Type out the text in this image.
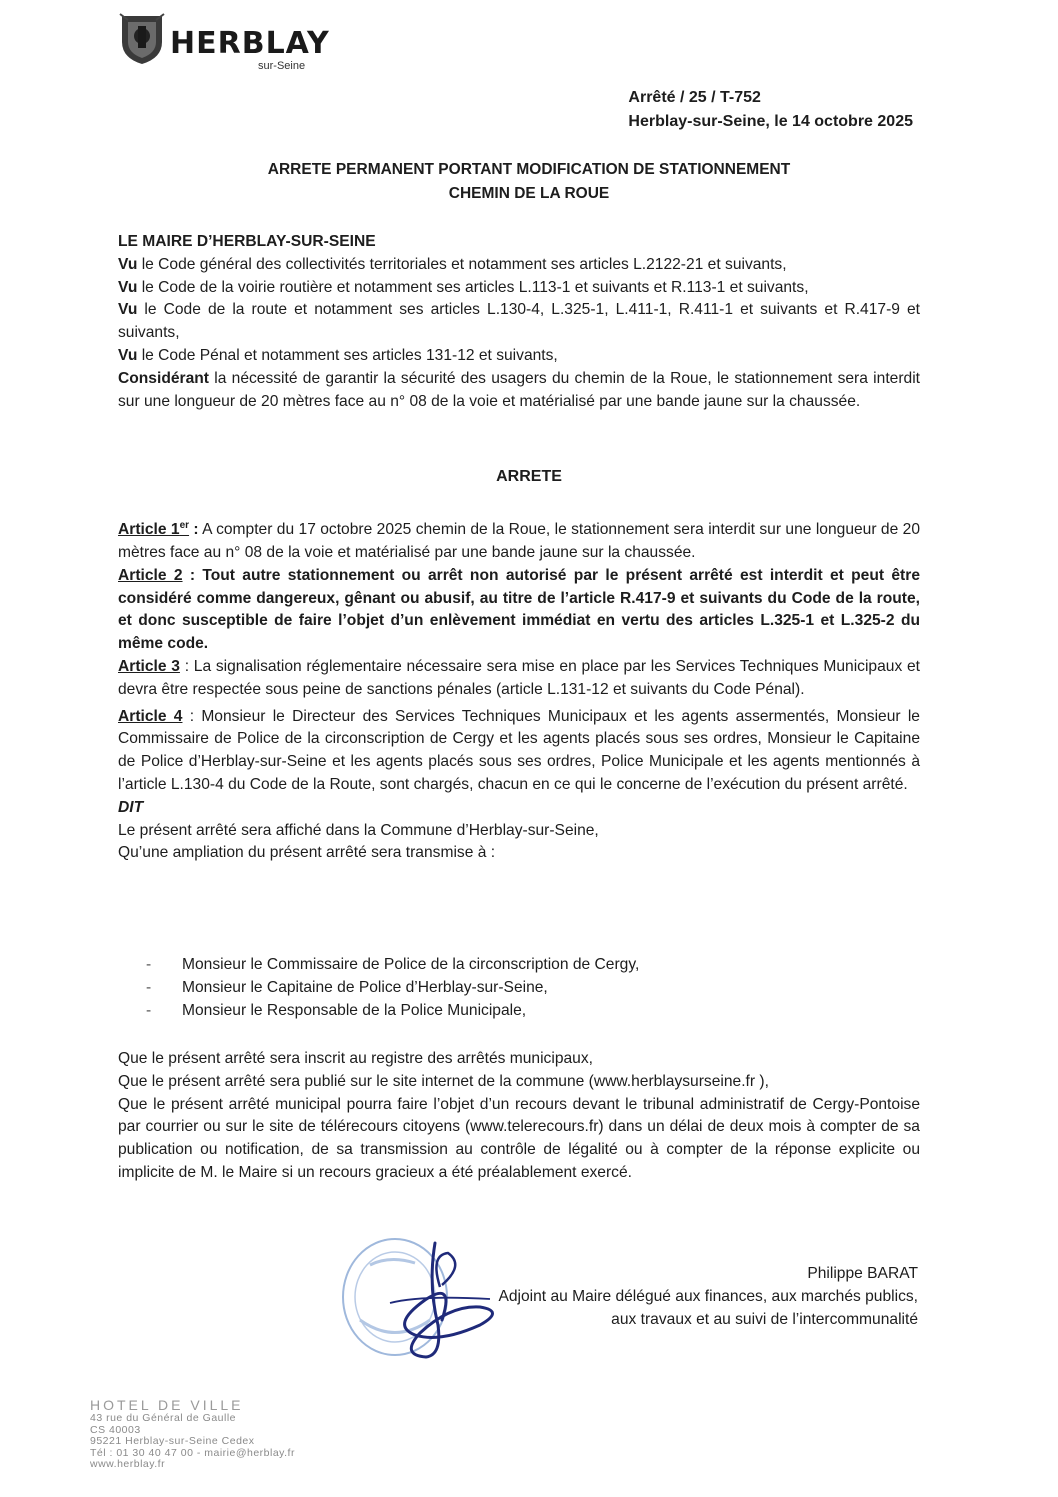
HERBLAY
sur-Seine
Arrêté / 25 / T-752
Herblay-sur-Seine, le 14 octobre 2025
ARRETE PERMANENT PORTANT MODIFICATION DE STATIONNEMENT
CHEMIN DE LA ROUE

LE MAIRE D’HERBLAY-SUR-SEINE

Vu le Code général des collectivités territoriales et notamment ses articles L.2122-21 et suivants,

Vu le Code de la voirie routière et notamment ses articles L.113-1 et suivants et R.113-1 et suivants,

Vu le Code de la route et notamment ses articles L.130-4, L.325-1, L.411-1, R.411-1 et suivants et R.417-9 et suivants,

Vu le Code Pénal et notamment ses articles 131-12 et suivants,

Considérant la nécessité de garantir la sécurité des usagers du chemin de la Roue, le stationnement sera interdit sur une longueur de 20 mètres face au n° 08 de la voie et matérialisé par une bande jaune sur la chaussée.

ARRETE

Article 1er : A compter du 17 octobre 2025 chemin de la Roue, le stationnement sera interdit sur une longueur de 20 mètres face au n° 08 de la voie et matérialisé par une bande jaune sur la chaussée.

Article 2 : Tout autre stationnement ou arrêt non autorisé par le présent arrêté est interdit et peut être considéré comme dangereux, gênant ou abusif, au titre de l’article R.417-9 et suivants du Code de la route, et donc susceptible de faire l’objet d’un enlèvement immédiat en vertu des articles L.325-1 et L.325-2 du même code.

Article 3 : La signalisation réglementaire nécessaire sera mise en place par les Services Techniques Municipaux et devra être respectée sous peine de sanctions pénales (article L.131-12 et suivants du Code Pénal).

Article 4 : Monsieur le Directeur des Services Techniques Municipaux et les agents assermentés, Monsieur le Commissaire de Police de la circonscription de Cergy et les agents placés sous ses ordres, Monsieur le Capitaine de Police d’Herblay-sur-Seine et les agents placés sous ses ordres, Police Municipale et les agents mentionnés à l’article L.130-4 du Code de la Route, sont chargés, chacun en ce qui le concerne de l’exécution du présent arrêté.

DIT

Le présent arrêté sera affiché dans la Commune d’Herblay-sur-Seine,

Qu’une ampliation du présent arrêté sera transmise à :

- Monsieur le Commissaire de Police de la circonscription de Cergy,
- Monsieur le Capitaine de Police d’Herblay-sur-Seine,
- Monsieur le Responsable de la Police Municipale,

Que le présent arrêté sera inscrit au registre des arrêtés municipaux,

Que le présent arrêté sera publié sur le site internet de la commune (www.herblaysurseine.fr ),

Que le présent arrêté municipal pourra faire l’objet d’un recours devant le tribunal administratif de Cergy-Pontoise par courrier ou sur le site de télérecours citoyens (www.telerecours.fr) dans un délai de deux mois à compter de sa publication ou notification, de sa transmission au contrôle de légalité ou à compter de la réponse explicite ou implicite de M. le Maire si un recours gracieux a été préalablement exercé.

Philippe BARAT
Adjoint au Maire délégué aux finances, aux marchés publics,
aux travaux et au suivi de l’intercommunalité
HOTEL DE VILLE
43 rue du Général de Gaulle
CS 40003
95221 Herblay-sur-Seine Cedex
Tél : 01 30 40 47 00 - mairie@herblay.fr
www.herblay.fr
